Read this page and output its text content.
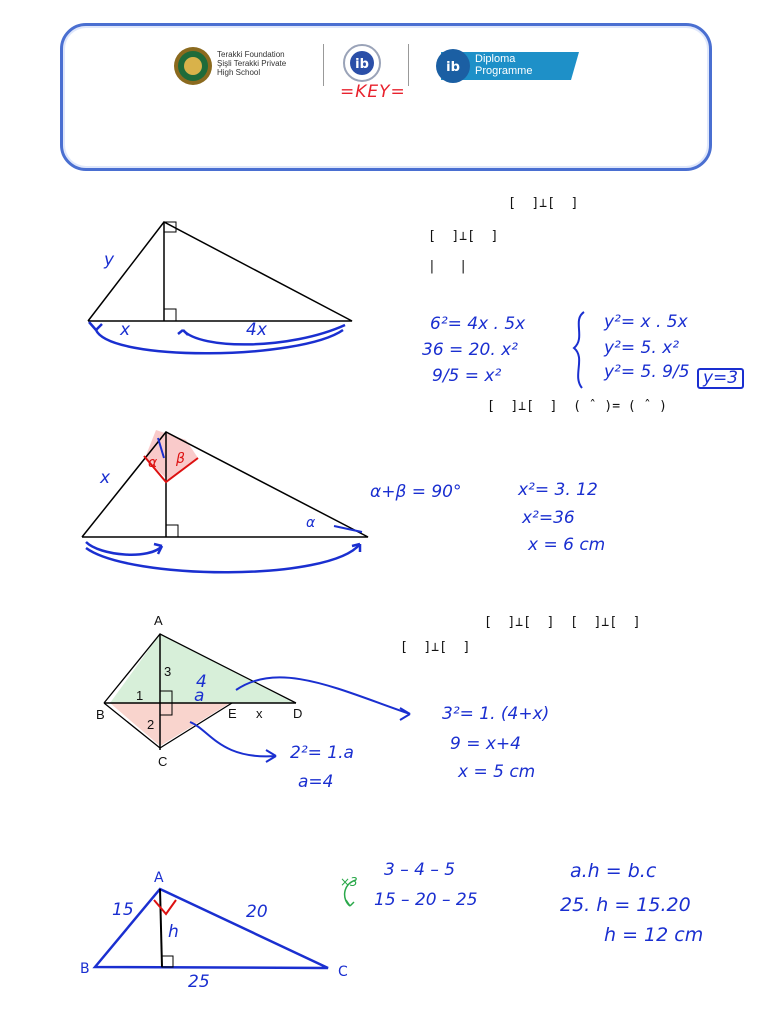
Terakki Foundation
Şişli Terakki Private
High School
ib	ib
Diploma
Programme
=KEY=
y
x	4x
[  ]⊥[  ]
[  ]⊥[  ]
|   |
6²= 4x . 5x
36 = 20. x²
9/5 = x²
y²= x . 5x
y²= 5. x²
y²= 5. 9/5 y=3
[  ]⊥[  ]  ( ˆ )= ( ˆ )
x
α β
α
α+β = 90°	x²= 3. 12
x²=36
x = 6 cm
[  ]⊥[  ]  [  ]⊥[  ]
[  ]⊥[  ]
A
B
C
E	D
3
1
2
x
4
a
3²= 1. (4+x)
9 = x+4
x = 5 cm
2²= 1.a
a=4
A
B	C
15	20
25
h
×3
3 – 4 – 5
15 – 20 – 25
a.h = b.c
25. h = 15.20
h = 12 cm
